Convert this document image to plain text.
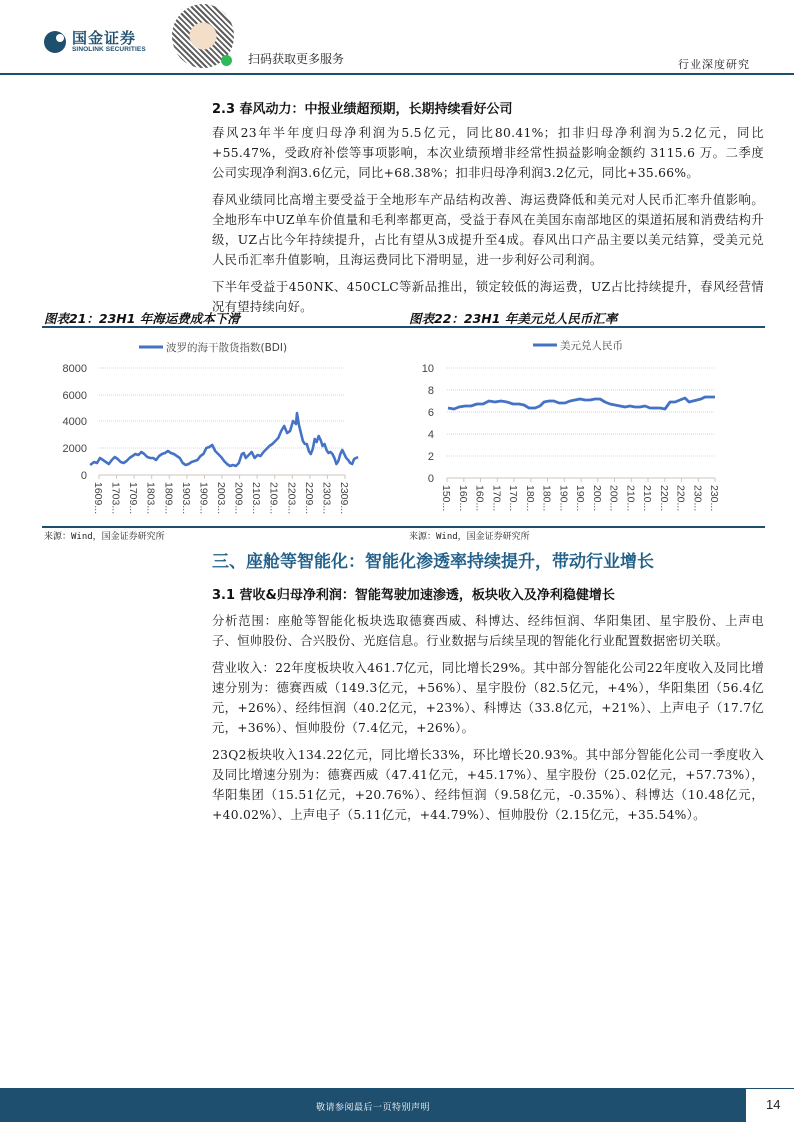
国金证券
SINOLINK SECURITIES
扫码获取更多服务	行业深度研究
2.3 春风动力：中报业绩超预期，长期持续看好公司

春风23年半年度归母净利润为5.5亿元，同比80.41%；扣非归母净利润为5.2亿元，同比+55.47%，受政府补偿等事项影响，本次业绩预增非经常性损益影响金额约 3115.6 万。二季度公司实现净利润3.6亿元，同比+68.38%；扣非归母净利润3.2亿元，同比+35.66%。

春风业绩同比高增主要受益于全地形车产品结构改善、海运费降低和美元对人民币汇率升值影响。全地形车中UZ单车价值量和毛利率都更高，受益于春风在美国东南部地区的渠道拓展和消费结构升级，UZ占比今年持续提升，占比有望从3成提升至4成。春风出口产品主要以美元结算，受美元兑人民币汇率升值影响，且海运费同比下滑明显，进一步利好公司利润。

下半年受益于450NK、450CLC等新品推出，锁定较低的海运费，UZ占比持续提升，春风经营情况有望持续向好。

图表21：23H1 年海运费成本下滑
波罗的海干散货指数(BDI)
8000
6000
4000
2000
0
1609... 1703... 1709... 1803... 1809... 1903... 1909... 2003... 2009... 2103... 2109... 2203... 2209... 2303... 2309...
来源：Wind，国金证券研究所
图表22：23H1 年美元兑人民币汇率
美元兑人民币
10
8
6
4
2
0
150... 160... 160... 170... 170... 180... 180... 190... 190... 200... 200... 210... 210... 220... 220... 230... 230...
来源：Wind，国金证券研究所
三、座舱等智能化：智能化渗透率持续提升，带动行业增长
3.1 营收&归母净利润：智能驾驶加速渗透，板块收入及净利稳健增长

分析范围：座舱等智能化板块选取德赛西威、科博达、经纬恒润、华阳集团、星宇股份、上声电子、恒帅股份、合兴股份、光庭信息。行业数据与后续呈现的智能化行业配置数据密切关联。

营业收入：22年度板块收入461.7亿元，同比增长29%。其中部分智能化公司22年度收入及同比增速分别为：德赛西威（149.3亿元，+56%）、星宇股份（82.5亿元，+4%），华阳集团（56.4亿元，+26%）、经纬恒润（40.2亿元，+23%）、科博达（33.8亿元，+21%）、上声电子（17.7亿元，+36%）、恒帅股份（7.4亿元，+26%）。

23Q2板块收入134.22亿元，同比增长33%，环比增长20.93%。其中部分智能化公司一季度收入及同比增速分别为：德赛西威（47.41亿元，+45.17%）、星宇股份（25.02亿元，+57.73%），华阳集团（15.51亿元，+20.76%）、经纬恒润（9.58亿元，-0.35%）、科博达（10.48亿元，+40.02%）、上声电子（5.11亿元，+44.79%）、恒帅股份（2.15亿元，+35.54%）。

敬请参阅最后一页特别声明	14
